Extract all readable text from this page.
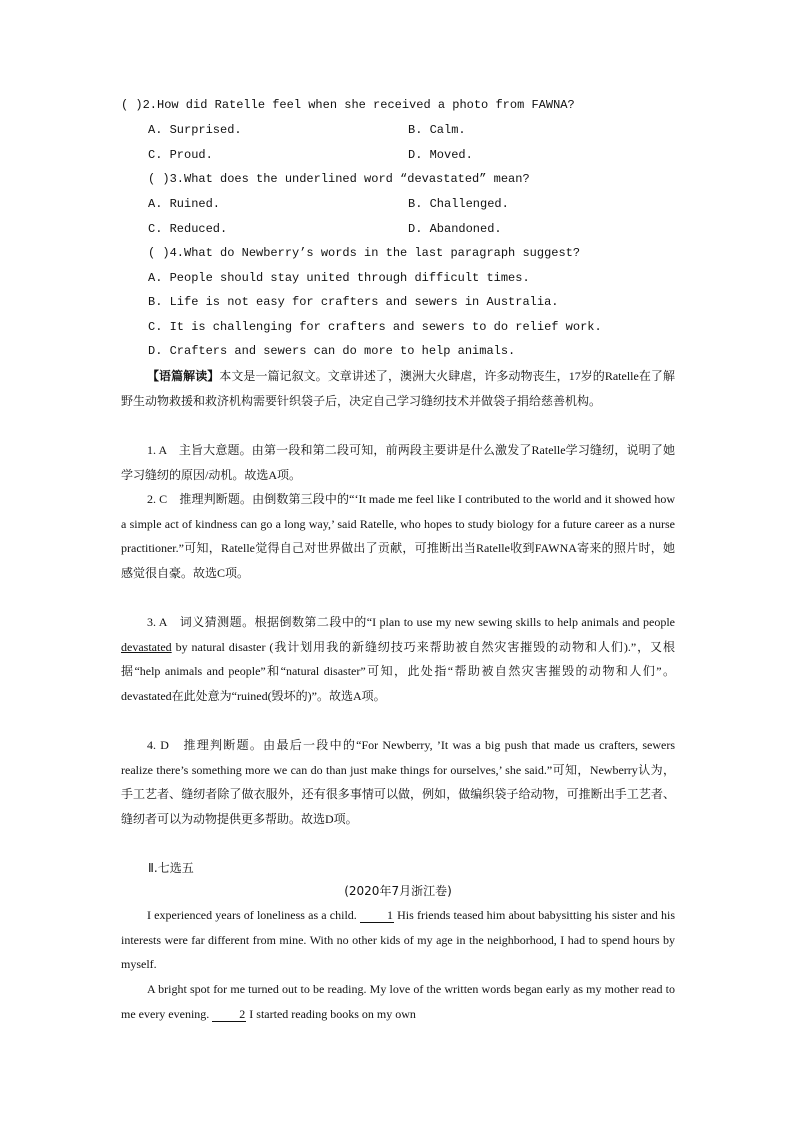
( )2.How did Ratelle feel when she received a photo from FAWNA?
A. Surprised.	B. Calm.
C. Proud.	D. Moved.
( )3.What does the underlined word “devastated” mean?
A. Ruined.	B. Challenged.
C. Reduced.	D. Abandoned.
( )4.What do Newberry’s words in the last paragraph suggest?
A. People should stay united through difficult times.
B. Life is not easy for crafters and sewers in Australia.
C. It is challenging for crafters and sewers to do relief work.
D. Crafters and sewers can do more to help animals.
【语篇解读】本文是一篇记叙文。文章讲述了，澳洲大火肆虐，许多动物丧生，17岁的Ratelle在了解野生动物救援和救济机构需要针织袋子后，决定自己学习缝纫技术并做袋子捐给慈善机构。
1. A　主旨大意题。由第一段和第二段可知，前两段主要讲是什么激发了Ratelle学习缝纫，说明了她学习缝纫的原因/动机。故选A项。
2. C　推理判断题。由倒数第三段中的“‘It made me feel like I contributed to the world and it showed how a simple act of kindness can go a long way,’ said Ratelle, who hopes to study biology for a future career as a nurse practitioner.”可知，Ratelle觉得自己对世界做出了贡献，可推断出当Ratelle收到FAWNA寄来的照片时，她感觉很自豪。故选C项。
3. A　词义猜测题。根据倒数第二段中的“I plan to use my new sewing skills to help animals and people devastated by natural disaster (我计划用我的新缝纫技巧来帮助被自然灾害摧毁的动物和人们).”，又根据“help animals and people”和“natural disaster”可知，此处指“帮助被自然灾害摧毁的动物和人们”。devastated在此处意为“ruined(毁坏的)”。故选A项。
4. D　推理判断题。由最后一段中的“For Newberry, ’It was a big push that made us crafters, sewers realize there’s something more we can do than just make things for ourselves,’ she said.”可知，Newberry认为，手工艺者、缝纫者除了做衣服外，还有很多事情可以做，例如，做编织袋子给动物，可推断出手工艺者、缝纫者可以为动物提供更多帮助。故选D项。
Ⅱ.七选五
(2020年7月浙江卷)
I experienced years of loneliness as a child.	1 His friends teased him about babysitting his sister and his interests were far different from mine. With no other kids of my age in the neighborhood, I had to spend hours by myself.
A bright spot for me turned out to be reading. My love of the written words began early as my mother read to me every evening.	2 I started reading books on my own
